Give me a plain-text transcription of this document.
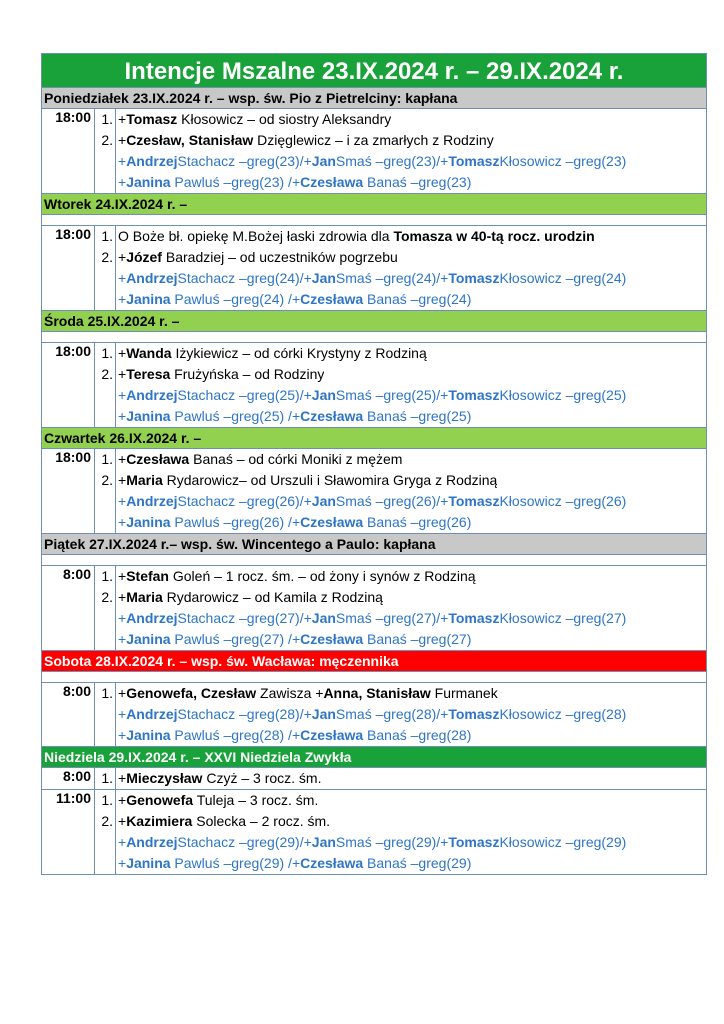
Intencje Mszalne 23.IX.2024 r. – 29.IX.2024 r.
Poniedziałek 23.IX.2024 r. – wsp. św. Pio z Pietrelciny: kapłana
18:00 1. +Tomasz Kłosowicz – od siostry Aleksandry
2. +Czesław, Stanisław Dzięglewicz – i za zmarłych z Rodziny
+AndrzejStachacz –greg(23)/+JanSmaś –greg(23)/+TomaszKłosowicz –greg(23)
+Janina Pawluś –greg(23) /+Czesława Banaś –greg(23)
Wtorek 24.IX.2024 r. –
18:00 1. O Boże bł. opiekę M.Bożej łaski zdrowia dla Tomasza w 40-tą rocz. urodzin
2. +Józef Baradziej – od uczestników pogrzebu
+AndrzejStachacz –greg(24)/+JanSmaś –greg(24)/+TomaszKłosowicz –greg(24)
+Janina Pawluś –greg(24) /+Czesława Banaś –greg(24)
Środa 25.IX.2024 r. –
18:00 1. +Wanda Iżykiewicz – od córki Krystyny z Rodziną
2. +Teresa Frużyńska – od Rodziny
+AndrzejStachacz –greg(25)/+JanSmaś –greg(25)/+TomaszKłosowicz –greg(25)
+Janina Pawluś –greg(25) /+Czesława Banaś –greg(25)
Czwartek 26.IX.2024 r. –
18:00 1. +Czesława Banaś – od córki Moniki z mężem
2. +Maria Rydarowicz– od Urszuli i Sławomira Gryga z Rodziną
+AndrzejStachacz –greg(26)/+JanSmaś –greg(26)/+TomaszKłosowicz –greg(26)
+Janina Pawluś –greg(26) /+Czesława Banaś –greg(26)
Piątek 27.IX.2024 r.– wsp. św. Wincentego a Paulo: kapłana
8:00 1. +Stefan Goleń – 1 rocz. śm. – od żony i synów z Rodziną
2. +Maria Rydarowicz – od Kamila z Rodziną
+AndrzejStachacz –greg(27)/+JanSmaś –greg(27)/+TomaszKłosowicz –greg(27)
+Janina Pawluś –greg(27) /+Czesława Banaś –greg(27)
Sobota 28.IX.2024 r. – wsp. św. Wacława: męczennika
8:00 1. +Genowefa, Czesław Zawisza +Anna, Stanisław Furmanek
+AndrzejStachacz –greg(28)/+JanSmaś –greg(28)/+TomaszKłosowicz –greg(28)
+Janina Pawluś –greg(28) /+Czesława Banaś –greg(28)
Niedziela 29.IX.2024 r. – XXVI Niedziela Zwykła
8:00 1. +Mieczysław Czyż – 3 rocz. śm.
11:00 1. +Genowefa Tuleja – 3 rocz. śm.
2. +Kazimiera Solecka – 2 rocz. śm.
+AndrzejStachacz –greg(29)/+JanSmaś –greg(29)/+TomaszKłosowicz –greg(29)
+Janina Pawluś –greg(29) /+Czesława Banaś –greg(29)
